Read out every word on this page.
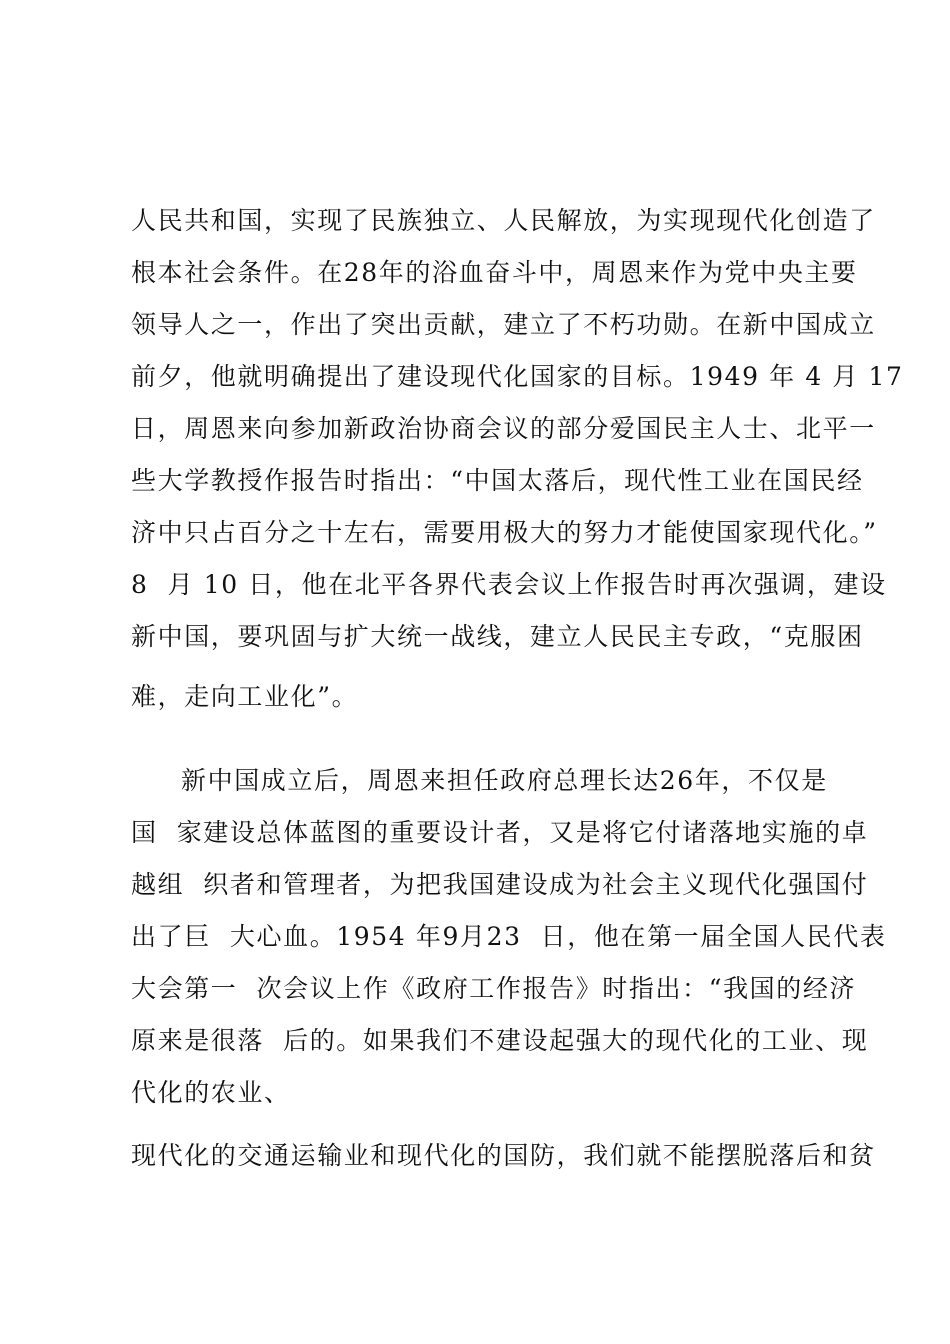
人民共和国，实现了民族独立、人民解放，为实现现代化创造了
根本社会条件。在28年的浴血奋斗中，周恩来作为党中央主要
领导人之一，作出了突出贡献，建立了不朽功勋。在新中国成立
前夕，他就明确提出了建设现代化国家的目标。1949 年 4 月 17
日，周恩来向参加新政治协商会议的部分爱国民主人士、北平一
些大学教授作报告时指出：“中国太落后，现代性工业在国民经
济中只占百分之十左右，需要用极大的努力才能使国家现代化。”
8  月 10 日，他在北平各界代表会议上作报告时再次强调，建设
新中国，要巩固与扩大统一战线，建立人民民主专政，“克服困
难，走向工业化”。
新中国成立后，周恩来担任政府总理长达26年，不仅是
国  家建设总体蓝图的重要设计者，又是将它付诸落地实施的卓
越组  织者和管理者，为把我国建设成为社会主义现代化强国付
出了巨  大心血。1954 年9月23  日，他在第一届全国人民代表
大会第一  次会议上作《政府工作报告》时指出：“我国的经济
原来是很落  后的。如果我们不建设起强大的现代化的工业、现
代化的农业、
现代化的交通运输业和现代化的国防，我们就不能摆脱落后和贫
